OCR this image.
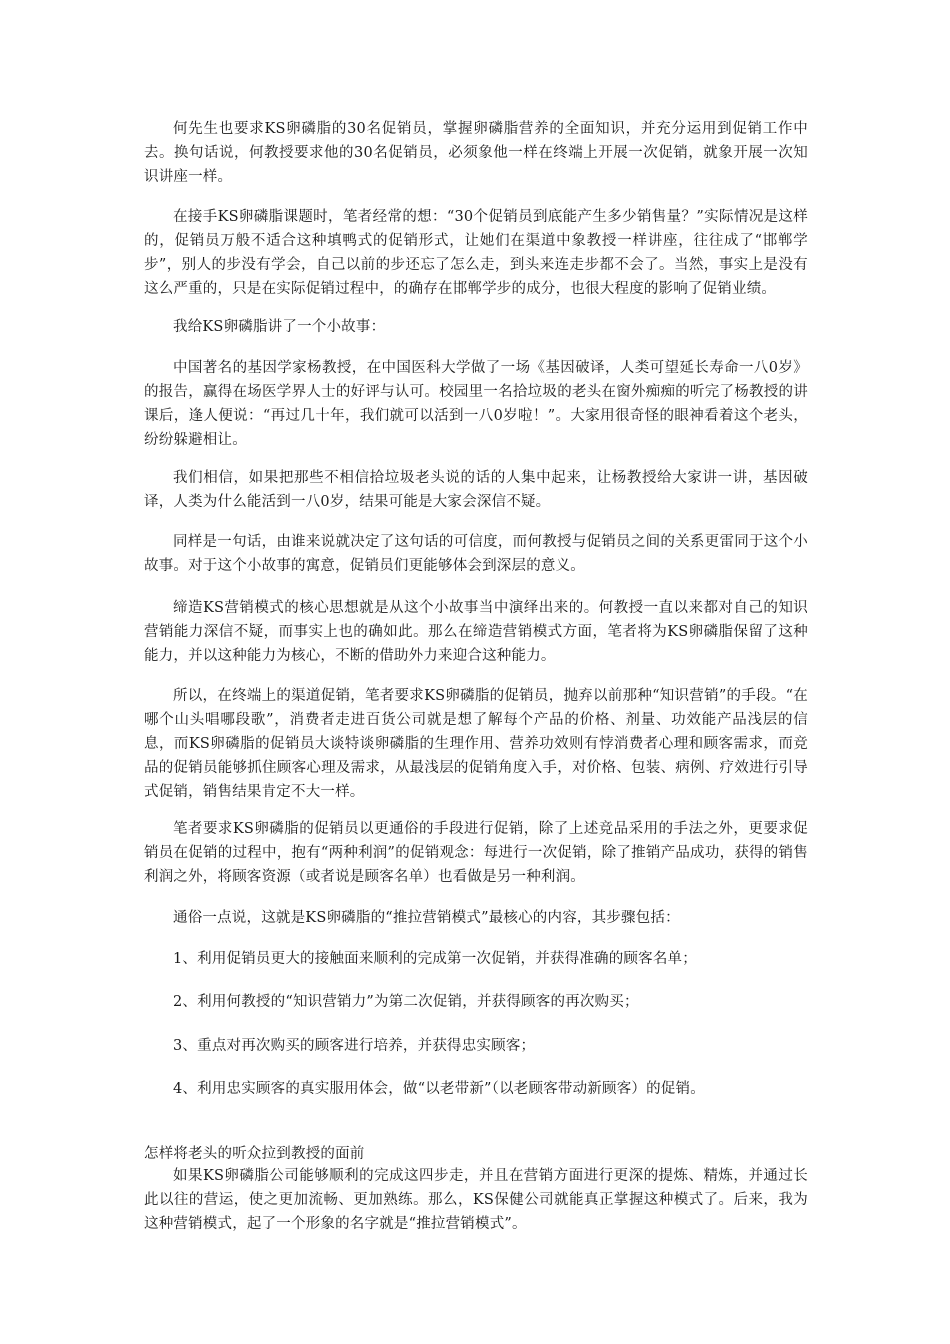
何先生也要求KS卵磷脂的30名促销员，掌握卵磷脂营养的全面知识，并充分运用到促销工作中去。换句话说，何教授要求他的30名促销员，必须象他一样在终端上开展一次促销，就象开展一次知识讲座一样。

在接手KS卵磷脂课题时，笔者经常的想：“30个促销员到底能产生多少销售量？”实际情况是这样的，促销员万般不适合这种填鸭式的促销形式，让她们在渠道中象教授一样讲座，往往成了“邯郸学步”，别人的步没有学会，自己以前的步还忘了怎么走，到头来连走步都不会了。当然，事实上是没有这么严重的，只是在实际促销过程中，的确存在邯郸学步的成分，也很大程度的影响了促销业绩。

我给KS卵磷脂讲了一个小故事：

中国著名的基因学家杨教授，在中国医科大学做了一场《基因破译，人类可望延长寿命一八0岁》的报告，赢得在场医学界人士的好评与认可。校园里一名拾垃圾的老头在窗外痴痴的听完了杨教授的讲课后，逢人便说：“再过几十年，我们就可以活到一八0岁啦！”。大家用很奇怪的眼神看着这个老头，纷纷躲避相让。

我们相信，如果把那些不相信拾垃圾老头说的话的人集中起来，让杨教授给大家讲一讲，基因破译，人类为什么能活到一八0岁，结果可能是大家会深信不疑。

同样是一句话，由谁来说就决定了这句话的可信度，而何教授与促销员之间的关系更雷同于这个小故事。对于这个小故事的寓意，促销员们更能够体会到深层的意义。

缔造KS营销模式的核心思想就是从这个小故事当中演绎出来的。何教授一直以来都对自己的知识营销能力深信不疑，而事实上也的确如此。那么在缔造营销模式方面，笔者将为KS卵磷脂保留了这种能力，并以这种能力为核心，不断的借助外力来迎合这种能力。

所以，在终端上的渠道促销，笔者要求KS卵磷脂的促销员，抛弃以前那种“知识营销”的手段。“在哪个山头唱哪段歌”，消费者走进百货公司就是想了解每个产品的价格、剂量、功效能产品浅层的信息，而KS卵磷脂的促销员大谈特谈卵磷脂的生理作用、营养功效则有悖消费者心理和顾客需求，而竞品的促销员能够抓住顾客心理及需求，从最浅层的促销角度入手，对价格、包装、病例、疗效进行引导式促销，销售结果肯定不大一样。

笔者要求KS卵磷脂的促销员以更通俗的手段进行促销，除了上述竞品采用的手法之外，更要求促销员在促销的过程中，抱有“两种利润”的促销观念：每进行一次促销，除了推销产品成功，获得的销售利润之外，将顾客资源（或者说是顾客名单）也看做是另一种利润。

通俗一点说，这就是KS卵磷脂的“推拉营销模式”最核心的内容，其步骤包括：

1、利用促销员更大的接触面来顺利的完成第一次促销，并获得准确的顾客名单；

2、利用何教授的“知识营销力”为第二次促销，并获得顾客的再次购买；

3、重点对再次购买的顾客进行培养，并获得忠实顾客；

4、利用忠实顾客的真实服用体会，做“以老带新”（以老顾客带动新顾客）的促销。

怎样将老头的听众拉到教授的面前

如果KS卵磷脂公司能够顺利的完成这四步走，并且在营销方面进行更深的提炼、精炼，并通过长此以往的营运，使之更加流畅、更加熟练。那么，KS保健公司就能真正掌握这种模式了。后来，我为这种营销模式，起了一个形象的名字就是“推拉营销模式”。
